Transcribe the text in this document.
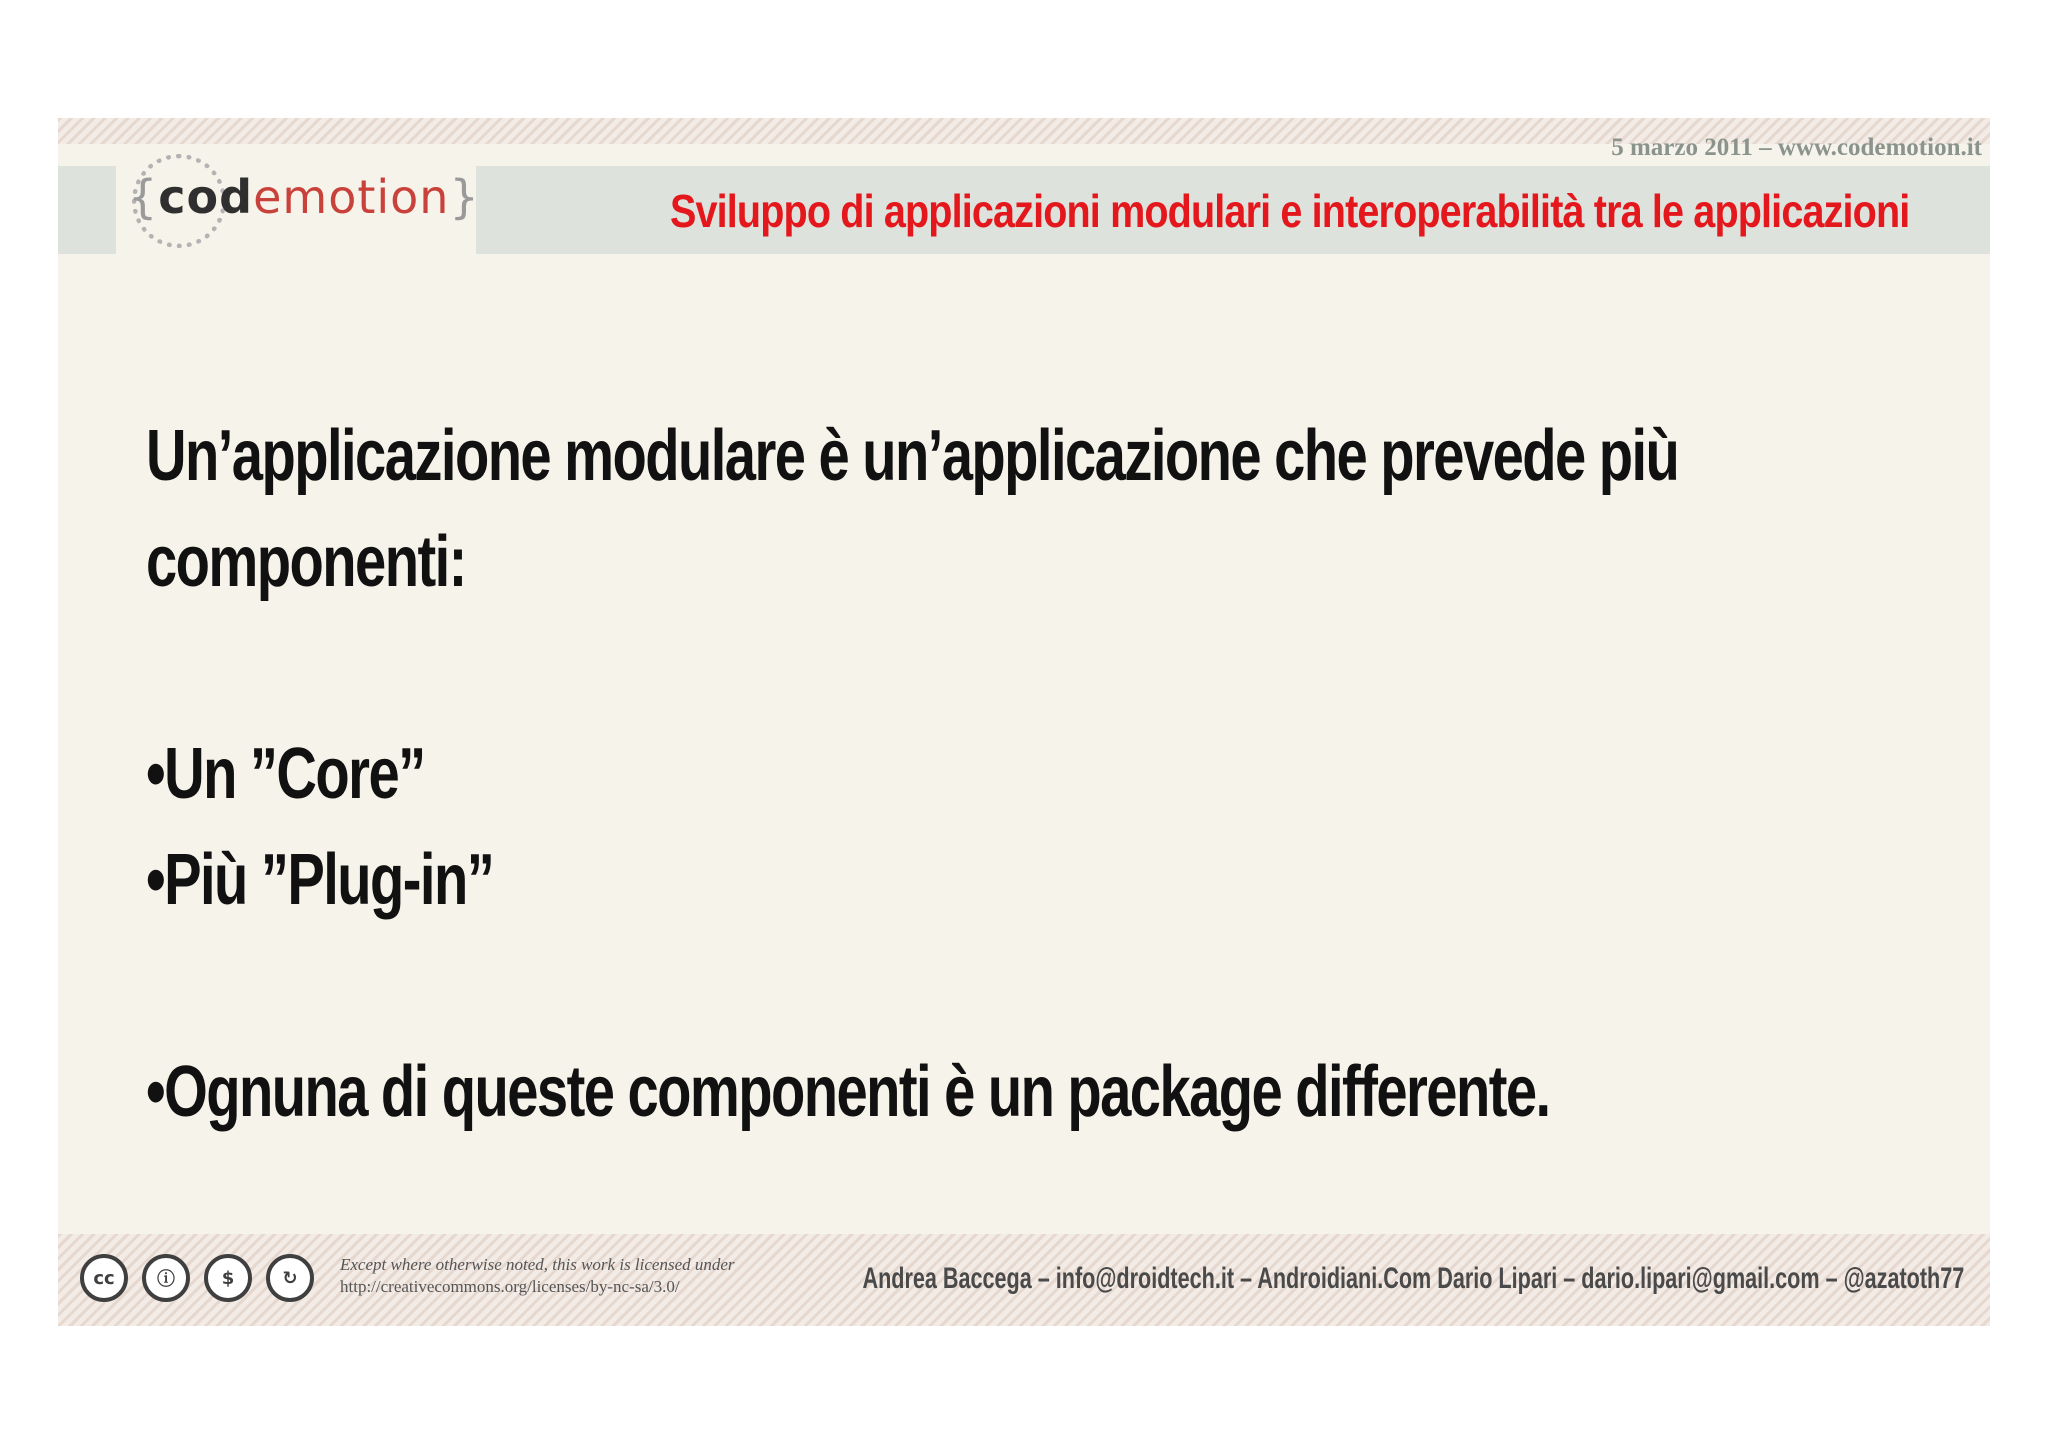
5 marzo 2011 – www.codemotion.it
{codemotion}	Sviluppo di applicazioni modulari e interoperabilità tra le applicazioni

Un’applicazione modulare è un’applicazione che prevede più

componenti:

•Un ”Core”

•Più ”Plug-in”

•Ognuna di queste componenti è un package differente.

cc	ⓘ	$	↻
Except where otherwise noted, this work is licensed under
http://creativecommons.org/licenses/by-nc-sa/3.0/	Andrea Baccega – info@droidtech.it – Androidiani.Com Dario Lipari – dario.lipari@gmail.com – @azatoth77
